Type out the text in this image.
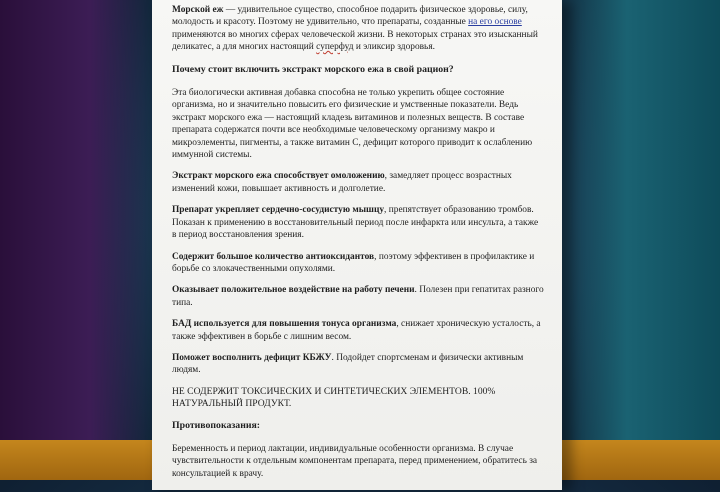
Морской еж — удивительное существо, способное подарить физическое здоровье, силу, молодость и красоту. Поэтому не удивительно, что препараты, созданные на его основе применяются во многих сферах человеческой жизни. В некоторых странах это изысканный деликатес, а для многих настоящий суперфуд и эликсир здоровья.

Почему стоит включить экстракт морского ежа в свой рацион?

Эта биологически активная добавка способна не только укрепить общее состояние организма, но и значительно повысить его физические и умственные показатели. Ведь экстракт морского ежа — настоящий кладезь витаминов и полезных веществ. В составе препарата содержатся почти все необходимые человеческому организму макро и микроэлементы, пигменты, а также витамин С, дефицит которого приводит к ослаблению иммунной системы.

Экстракт морского ежа способствует омоложению, замедляет процесс возрастных изменений кожи, повышает активность и долголетие.

Препарат укрепляет сердечно-сосудистую мышцу, препятствует образованию тромбов. Показан к применению в восстановительный период после инфаркта или инсульта, а также в период восстановления зрения.

Содержит большое количество антиоксидантов, поэтому эффективен в профилактике и борьбе со злокачественными опухолями.

Оказывает положительное воздействие на работу печени. Полезен при гепатитах разного типа.

БАД используется для повышения тонуса организма, снижает хроническую усталость, а также эффективен в борьбе с лишним весом.

Поможет восполнить дефицит КБЖУ. Подойдет спортсменам и физически активным людям.

НЕ СОДЕРЖИТ ТОКСИЧЕСКИХ И СИНТЕТИЧЕСКИХ ЭЛЕМЕНТОВ. 100% НАТУРАЛЬНЫЙ ПРОДУКТ.

Противопоказания:

Беременность и период лактации, индивидуальные особенности организма. В случае чувствительности к отдельным компонентам препарата, перед применением, обратитесь за консультацией к врачу.
